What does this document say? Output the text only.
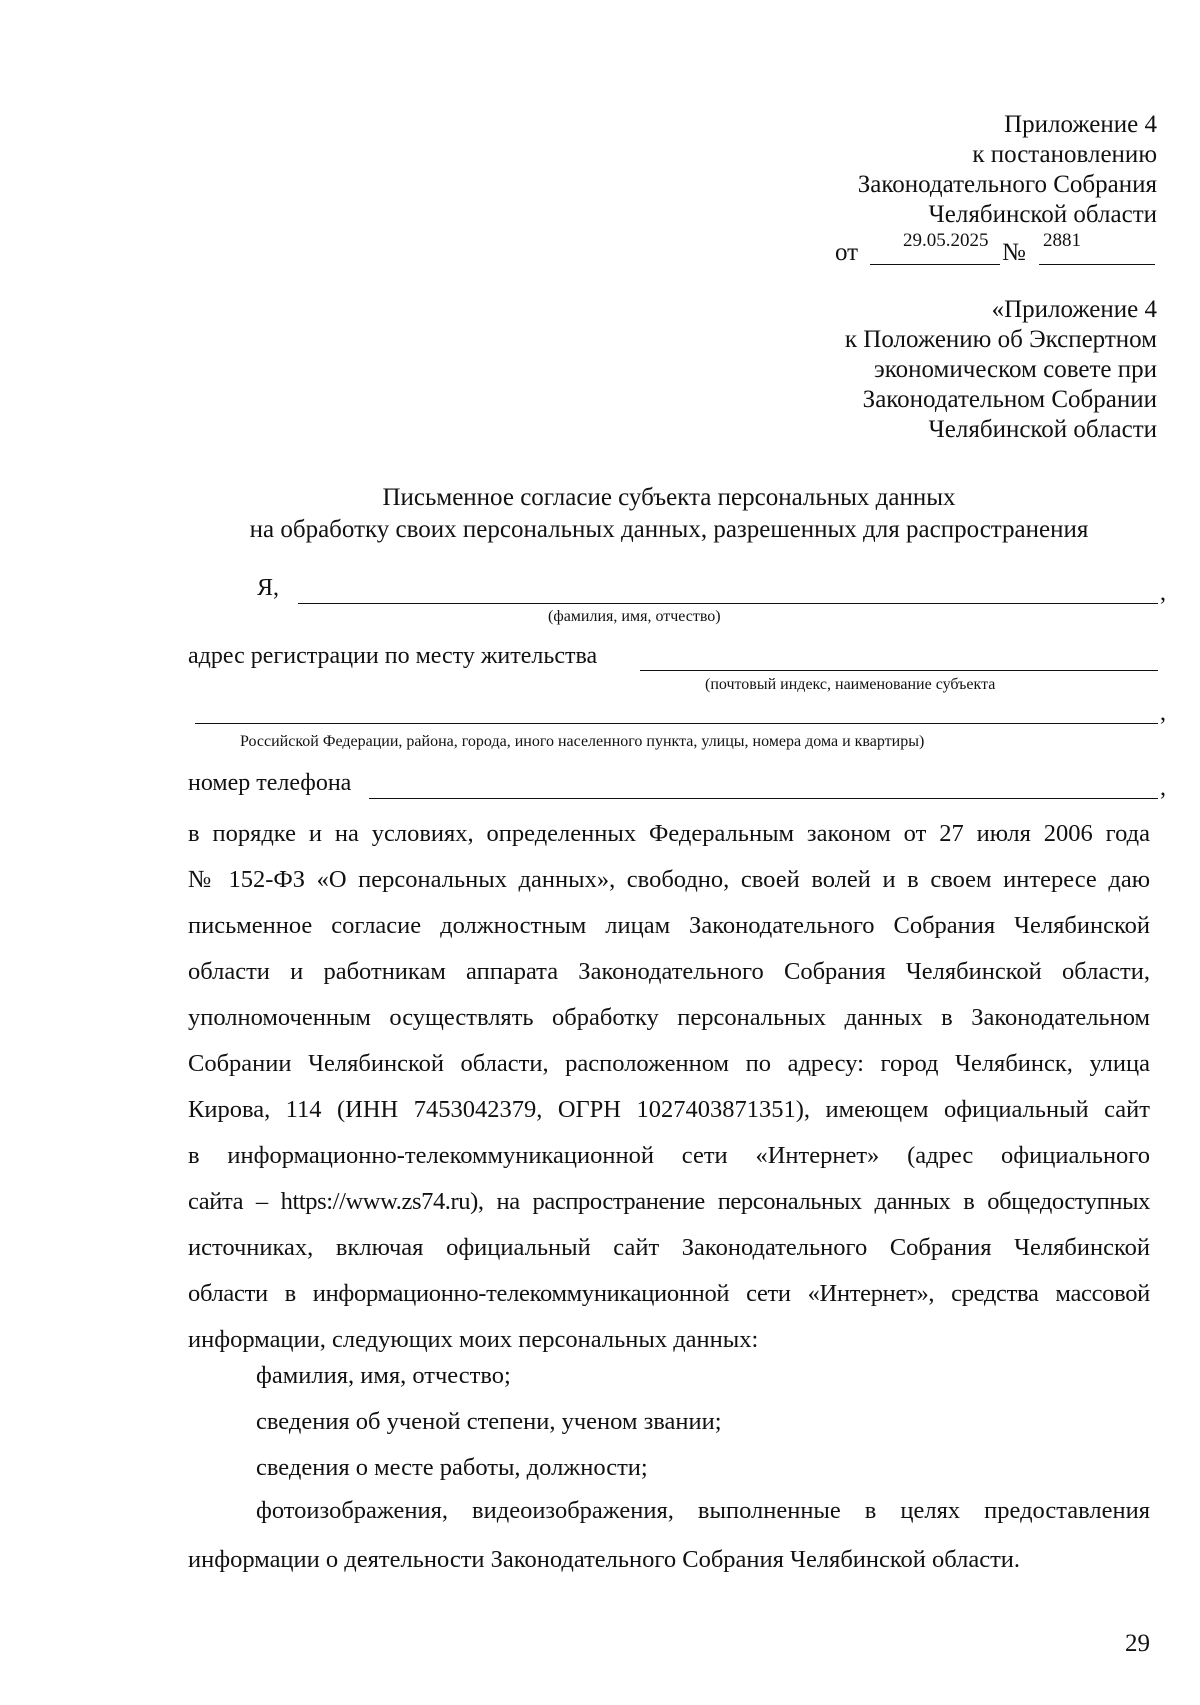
Приложение 4
к постановлению
Законодательного Собрания
Челябинской области
от 29.05.2025 № 2881
«Приложение 4
к Положению об Экспертном
экономическом совете при
Законодательном Собрании
Челябинской области
Письменное согласие субъекта персональных данных
на обработку своих персональных данных, разрешенных для распространения
Я,	,
(фамилия, имя, отчество)
адрес регистрации по месту жительства
(почтовый индекс, наименование субъекта
,
Российской Федерации, района, города, иного населенного пункта, улицы, номера дома и квартиры)
номер телефона	,
в порядке и на условиях, определенных Федеральным законом от 27 июля 2006 года
№ 152-ФЗ «О персональных данных», свободно, своей волей и в своем интересе даю
письменное согласие должностным лицам Законодательного Собрания Челябинской
области и работникам аппарата Законодательного Собрания Челябинской области,
уполномоченным осуществлять обработку персональных данных в Законодательном
Собрании Челябинской области, расположенном по адресу: город Челябинск, улица
Кирова, 114 (ИНН 7453042379, ОГРН 1027403871351), имеющем официальный сайт
в информационно-телекоммуникационной сети «Интернет» (адрес официального
сайта – https://www.zs74.ru), на распространение персональных данных в общедоступных
источниках, включая официальный сайт Законодательного Собрания Челябинской
области в информационно-телекоммуникационной сети «Интернет», средства массовой
информации, следующих моих персональных данных:
фамилия, имя, отчество;
сведения об ученой степени, ученом звании;
сведения о месте работы, должности;
фотоизображения, видеоизображения, выполненные в целях предоставления
информации о деятельности Законодательного Собрания Челябинской области.
29
